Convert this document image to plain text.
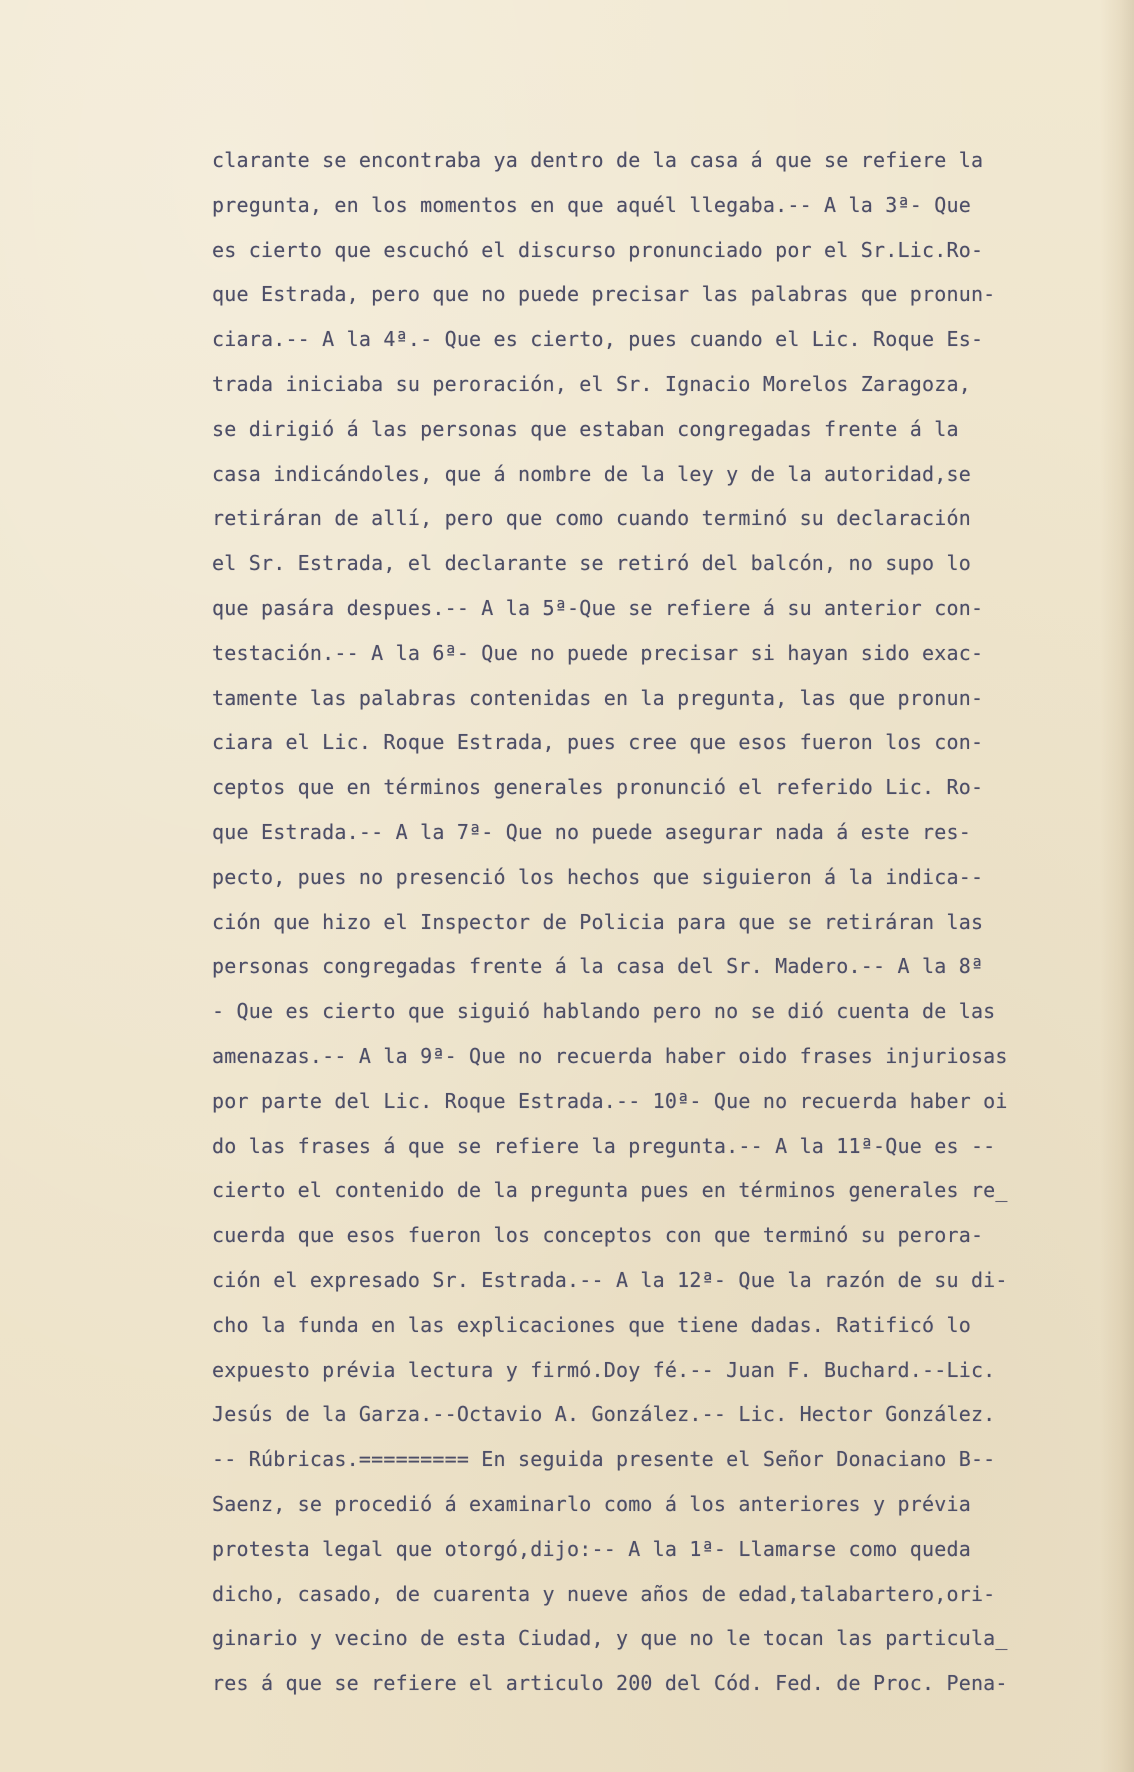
clarante se encontraba ya dentro de la casa á que se refiere la
pregunta, en los momentos en que aquél llegaba.-- A la 3ª- Que
es cierto que escuchó el discurso pronunciado por el Sr.Lic.Ro-
que Estrada, pero que no puede precisar las palabras que pronun-
ciara.-- A la 4ª.- Que es cierto, pues cuando el Lic. Roque Es-
trada iniciaba su peroración, el Sr. Ignacio Morelos Zaragoza,
se dirigió á las personas que estaban congregadas frente á la
casa indicándoles, que á nombre de la ley y de la autoridad,se
retiráran de allí, pero que como cuando terminó su declaración
el Sr. Estrada, el declarante se retiró del balcón, no supo lo
que pasára despues.-- A la 5ª-Que se refiere á su anterior con-
testación.-- A la 6ª- Que no puede precisar si hayan sido exac-
tamente las palabras contenidas en la pregunta, las que pronun-
ciara el Lic. Roque Estrada, pues cree que esos fueron los con-
ceptos que en términos generales pronunció el referido Lic. Ro-
que Estrada.-- A la 7ª- Que no puede asegurar nada á este res-
pecto, pues no presenció los hechos que siguieron á la indica--
ción que hizo el Inspector de Policia para que se retiráran las
personas congregadas frente á la casa del Sr. Madero.-- A la 8ª
- Que es cierto que siguió hablando pero no se dió cuenta de las
amenazas.-- A la 9ª- Que no recuerda haber oido frases injuriosas
por parte del Lic. Roque Estrada.-- 10ª- Que no recuerda haber oi
do las frases á que se refiere la pregunta.-- A la 11ª-Que es --
cierto el contenido de la pregunta pues en términos generales re_
cuerda que esos fueron los conceptos con que terminó su perora-
ción el expresado Sr. Estrada.-- A la 12ª- Que la razón de su di-
cho la funda en las explicaciones que tiene dadas. Ratificó lo
expuesto prévia lectura y firmó.Doy fé.-- Juan F. Buchard.--Lic.
Jesús de la Garza.--Octavio A. González.-- Lic. Hector González.
-- Rúbricas.========= En seguida presente el Señor Donaciano B--
Saenz, se procedió á examinarlo como á los anteriores y prévia
protesta legal que otorgó,dijo:-- A la 1ª- Llamarse como queda
dicho, casado, de cuarenta y nueve años de edad,talabartero,ori-
ginario y vecino de esta Ciudad, y que no le tocan las particula_
res á que se refiere el articulo 200 del Cód. Fed. de Proc. Pena-
